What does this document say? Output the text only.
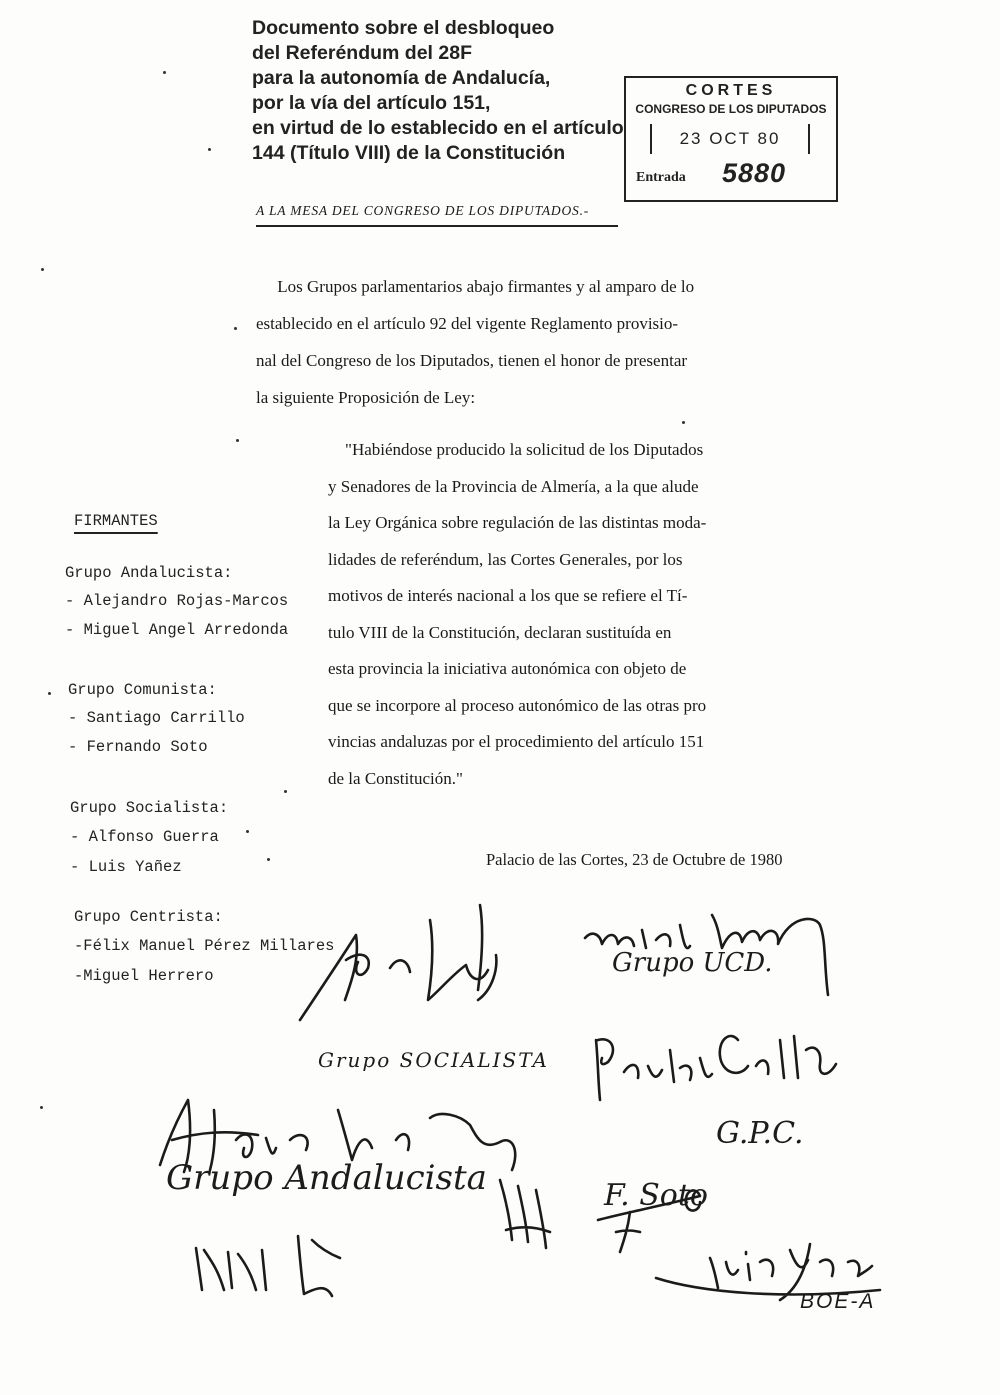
Documento sobre el desbloqueo
del Referéndum del 28F
para la autonomía de Andalucía,
por la vía del artículo 151,
en virtud de lo establecido en el artículo
144 (Título VIII) de la Constitución
CORTES
CONGRESO DE LOS DIPUTADOS
23 OCT 80
Entrada 5880
A LA MESA DEL CONGRESO DE LOS DIPUTADOS.-
Los Grupos parlamentarios abajo firmantes y al amparo de lo
establecido en el artículo 92 del vigente Reglamento provisio-
nal del Congreso de los Diputados, tienen el honor de presentar
la siguiente Proposición de Ley:
"Habiéndose producido la solicitud de los Diputados
y Senadores de la Provincia de Almería, a la que alude
la Ley Orgánica sobre regulación de las distintas moda-
lidades de referéndum, las Cortes Generales, por los
motivos de interés nacional a los que se refiere el Tí-
tulo VIII de la Constitución, declaran sustituída en
esta provincia la iniciativa autonómica con objeto de
que se incorpore al proceso autonómico de las otras pro
vincias andaluzas por el procedimiento del artículo 151
de la Constitución."
FIRMANTES
Grupo Andalucista:
- Alejandro Rojas-Marcos
- Miguel Angel Arredonda
Grupo Comunista:
- Santiago Carrillo
- Fernando Soto
Grupo Socialista:
- Alfonso Guerra
- Luis Yañez
Grupo Centrista:
-Félix Manuel Pérez Millares
-Miguel Herrero
Palacio de las Cortes, 23 de Octubre de 1980
Grupo UCD.
Grupo SOCIALISTA
Grupo Andalucista
G.P.C.
F. Soto
BOE-A
